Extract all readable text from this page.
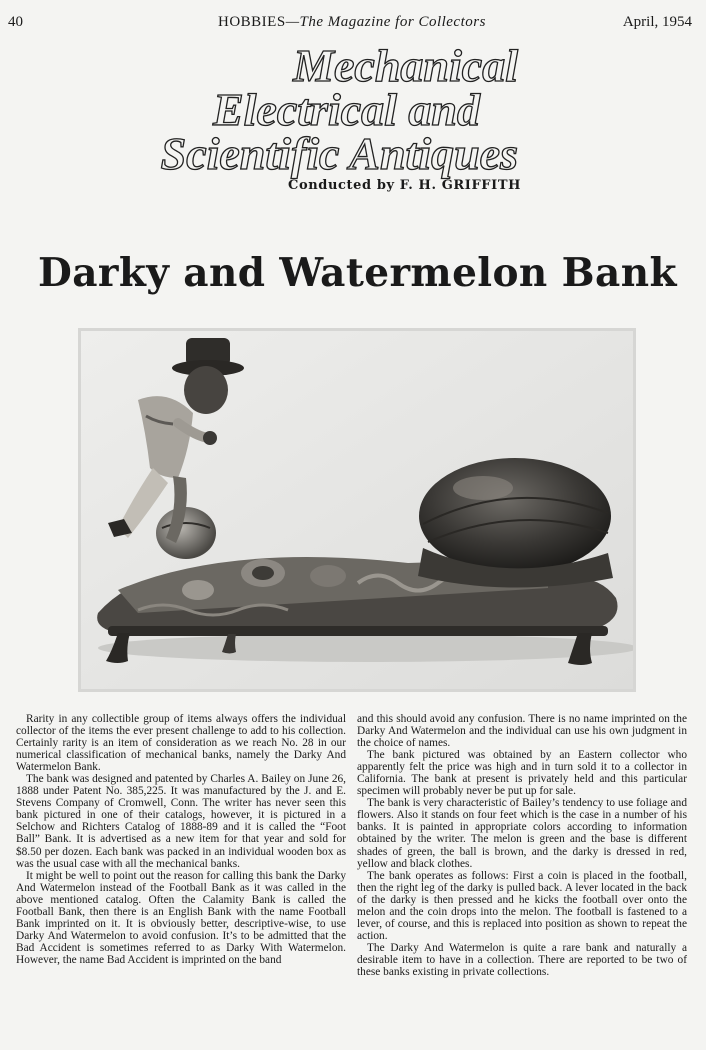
40	HOBBIES—The Magazine for Collectors	April, 1954
Mechanical
Electrical and
Scientific Antiques
Conducted by F. H. GRIFFITH
Darky and Watermelon Bank

Rarity in any collectible group of items always offers the individual collector of the items the ever present challenge to add to his collection. Certainly rarity is an item of consideration as we reach No. 28 in our numerical classification of mechanical banks, namely the Darky And Watermelon Bank.

The bank was designed and patented by Charles A. Bailey on June 26, 1888 under Patent No. 385,225. It was manufactured by the J. and E. Stevens Company of Cromwell, Conn. The writer has never seen this bank pictured in one of their catalogs, however, it is pictured in a Selchow and Richters Catalog of 1888-89 and it is called the “Foot Ball” Bank. It is advertised as a new item for that year and sold for $8.50 per dozen. Each bank was packed in an individual wooden box as was the usual case with all the mechanical banks.

It might be well to point out the reason for calling this bank the Darky And Watermelon instead of the Football Bank as it was called in the above mentioned catalog. Often the Calamity Bank is called the Football Bank, then there is an English Bank with the name Football Bank imprinted on it. It is obviously better, descriptive-wise, to use Darky And Watermelon to avoid confusion. It’s to be admitted that the Bad Accident is sometimes referred to as Darky With Watermelon. However, the name Bad Accident is imprinted on the band

and this should avoid any confusion. There is no name imprinted on the Darky And Watermelon and the individual can use his own judgment in the choice of names.

The bank pictured was obtained by an Eastern collector who apparently felt the price was high and in turn sold it to a collector in California. The bank at present is privately held and this particular specimen will probably never be put up for sale.

The bank is very characteristic of Bailey’s tendency to use foliage and flowers. Also it stands on four feet which is the case in a number of his banks. It is painted in appropriate colors according to information obtained by the writer. The melon is green and the base is different shades of green, the ball is brown, and the darky is dressed in red, yellow and black clothes.

The bank operates as follows: First a coin is placed in the football, then the right leg of the darky is pulled back. A lever located in the back of the darky is then pressed and he kicks the football over onto the melon and the coin drops into the melon. The football is fastened to a lever, of course, and this is replaced into position as shown to repeat the action.

The Darky And Watermelon is quite a rare bank and naturally a desirable item to have in a collection. There are reported to be two of these banks existing in private collections.
